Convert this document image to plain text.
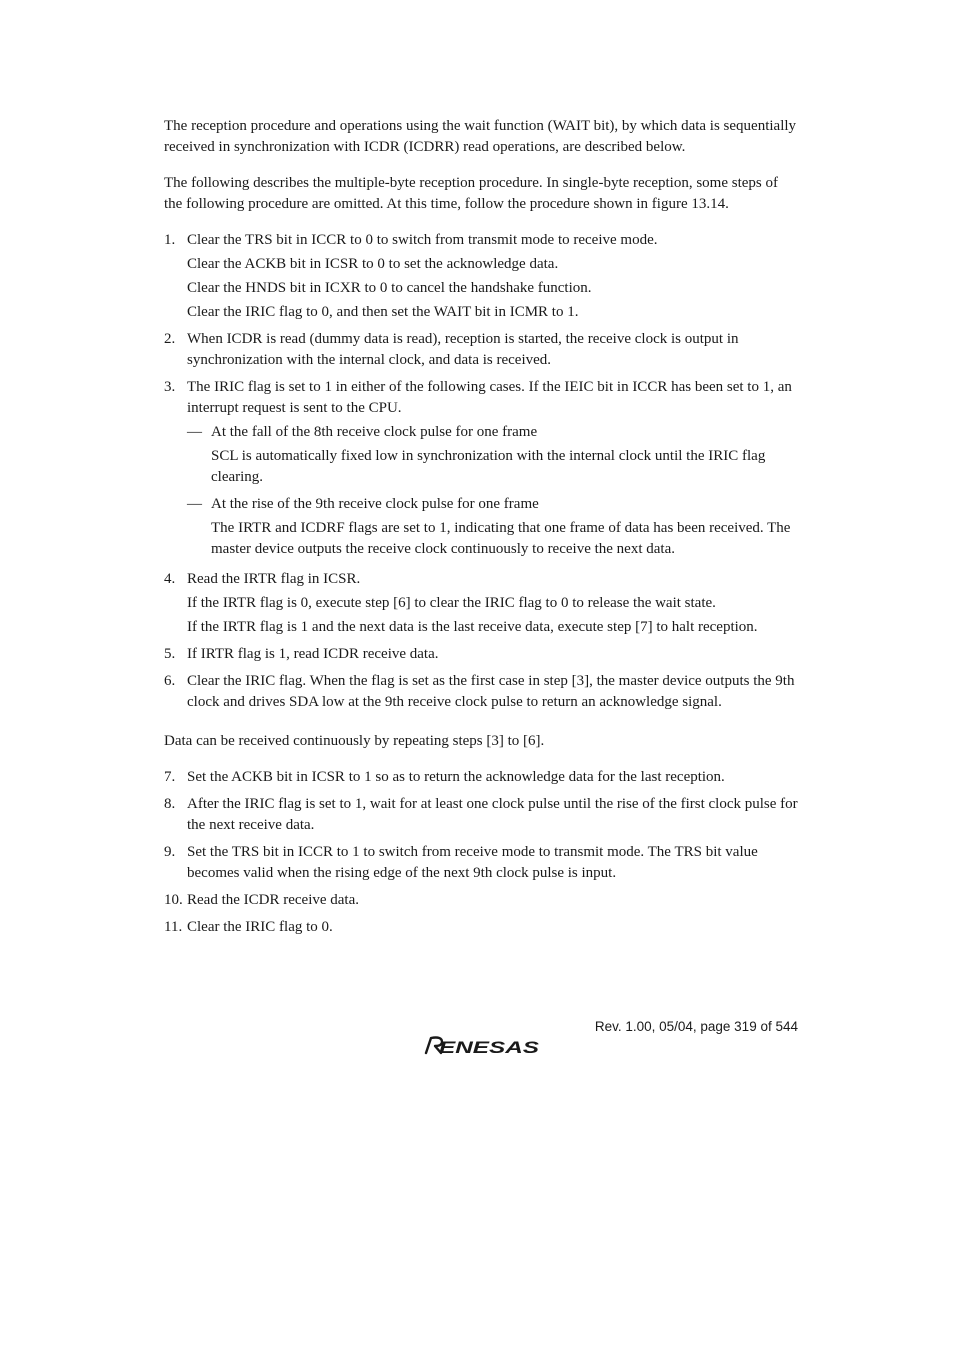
The reception procedure and operations using the wait function (WAIT bit), by which data is sequentially received in synchronization with ICDR (ICDRR) read operations, are described below.

The following describes the multiple-byte reception procedure. In single-byte reception, some steps of the following procedure are omitted. At this time, follow the procedure shown in figure 13.14.

1. Clear the TRS bit in ICCR to 0 to switch from transmit mode to receive mode.
Clear the ACKB bit in ICSR to 0 to set the acknowledge data.
Clear the HNDS bit in ICXR to 0 to cancel the handshake function.
Clear the IRIC flag to 0, and then set the WAIT bit in ICMR to 1.
2. When ICDR is read (dummy data is read), reception is started, the receive clock is output in synchronization with the internal clock, and data is received.
3. The IRIC flag is set to 1 in either of the following cases. If the IEIC bit in ICCR has been set to 1, an interrupt request is sent to the CPU.
— At the fall of the 8th receive clock pulse for one frame
SCL is automatically fixed low in synchronization with the internal clock until the IRIC flag clearing.
— At the rise of the 9th receive clock pulse for one frame
The IRTR and ICDRF flags are set to 1, indicating that one frame of data has been received. The master device outputs the receive clock continuously to receive the next data.
4. Read the IRTR flag in ICSR.
If the IRTR flag is 0, execute step [6] to clear the IRIC flag to 0 to release the wait state.
If the IRTR flag is 1 and the next data is the last receive data, execute step [7] to halt reception.
5. If IRTR flag is 1, read ICDR receive data.
6. Clear the IRIC flag. When the flag is set as the first case in step [3], the master device outputs the 9th clock and drives SDA low at the 9th receive clock pulse to return an acknowledge signal.

Data can be received continuously by repeating steps [3] to [6].

7. Set the ACKB bit in ICSR to 1 so as to return the acknowledge data for the last reception.
8. After the IRIC flag is set to 1, wait for at least one clock pulse until the rise of the first clock pulse for the next receive data.
9. Set the TRS bit in ICCR to 1 to switch from receive mode to transmit mode. The TRS bit value becomes valid when the rising edge of the next 9th clock pulse is input.
10. Read the ICDR receive data.
11. Clear the IRIC flag to 0.
Rev. 1.00, 05/04, page 319 of 544
ENESAS
